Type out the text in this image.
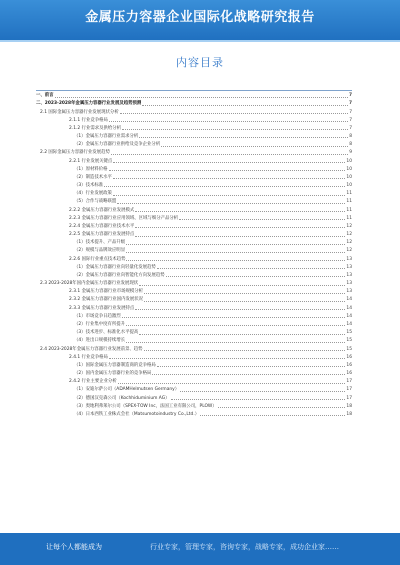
金属压力容器企业国际化战略研究报告
内容目录
一、前言	7
二、2023-2028年金属压力容器行业发展及趋势预测	7
2.1 国际金属压力容器行业发展现状分析	7
2.1.1 行业竞争格局	7
2.1.2 行业需求及供给分析	7
（1）金属压力容器行业需求分析	8
（2）金属压力容器行业供给及竞争企业分析	8
2.2 国际金属压力容器行业发展趋势	9
2.2.1 行业发展关键点	10
（1）原材料价格	10
（2）制造技术水平	10
（3）技术标准	10
（4）行业发展政策	11
（5）合作与战略联盟	11
2.2.2 金属压力容器行业发展模式	11
2.2.3 金属压力容器行业应用领域、区域与细分产品分析	11
2.2.4 金属压力容器行业技术水平	12
2.2.5 金属压力容器行业发展特点	12
（1）技术提升、产品升级	12
（2）规模与品牌效应明显	12
2.2.6 国际行业重点技术趋势	13
（1）金属压力容器行业向轻量化发展趋势	13
（2）金属压力容器行业向智能化方向发展趋势	13
2.3 2023-2028年国内金属压力容器行业发展现状	13
2.3.1 金属压力容器行业市场规模分析	13
2.3.2 金属压力容器行业国内发展状况	14
2.3.3 金属压力容器行业发展特点	14
（1）市场竞争日趋激烈	14
（2）行业集中度有所提升	14
（3）技术进步、标准化水平提高	15
（4）进出口规模持续增长	15
2.4 2023-2028年金属压力容器行业发展前景、趋势	15
2.4.1 行业竞争格局	16
（1）国际金属压力容器制造商的竞争格局	16
（2）国内金属压力容器行业的竞争格局	16
2.4.2 行业主要企业分析	17
（1）安迪尔萨公司（ADAMHelmutsen Germany）	17
（2）德国汉克森公司（Kochhiduminium AG）	17
（3）奥地利弗莱尔公司（SPEX-TOW Inc，法国工业有限公司，PLOW）	18
（4）日本西铁工业株式会社（Matsumotoindustry Co.,Ltd.）	18
让每个人都能成为	行业专家，管理专家，咨询专家，战略专家，成功企业家……
